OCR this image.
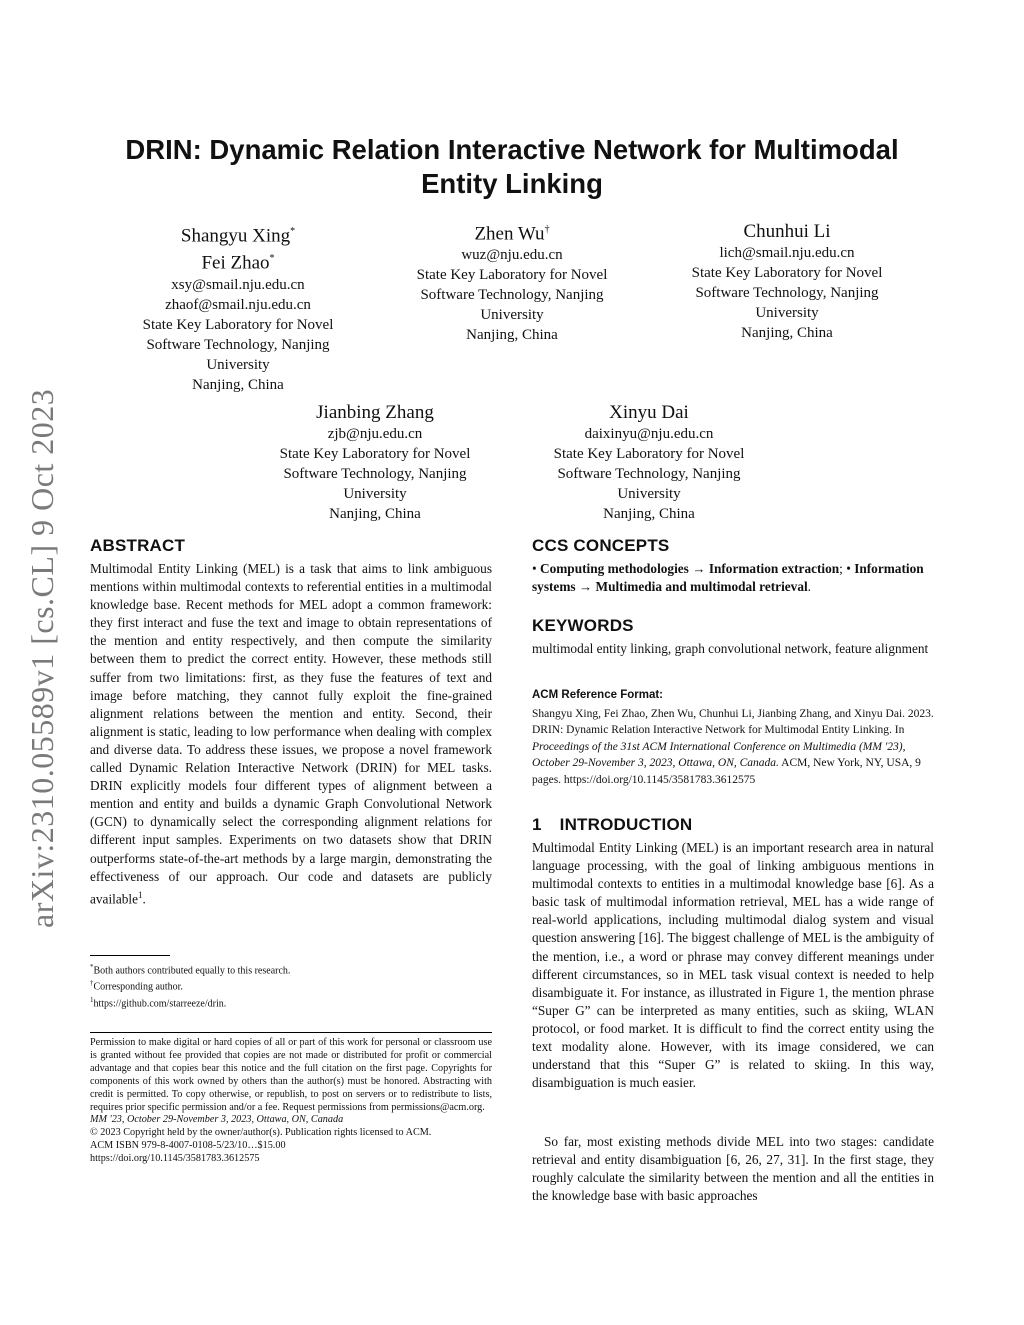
arXiv:2310.05589v1 [cs.CL] 9 Oct 2023
DRIN: Dynamic Relation Interactive Network for Multimodal
Entity Linking
Shangyu Xing*
Fei Zhao*
xsy@smail.nju.edu.cn
zhaof@smail.nju.edu.cn
State Key Laboratory for Novel
Software Technology, Nanjing
University
Nanjing, China
Zhen Wu†
wuz@nju.edu.cn
State Key Laboratory for Novel
Software Technology, Nanjing
University
Nanjing, China
Chunhui Li
lich@smail.nju.edu.cn
State Key Laboratory for Novel
Software Technology, Nanjing
University
Nanjing, China
Jianbing Zhang
zjb@nju.edu.cn
State Key Laboratory for Novel
Software Technology, Nanjing
University
Nanjing, China
Xinyu Dai
daixinyu@nju.edu.cn
State Key Laboratory for Novel
Software Technology, Nanjing
University
Nanjing, China
ABSTRACT

Multimodal Entity Linking (MEL) is a task that aims to link ambiguous mentions within multimodal contexts to referential entities in a multimodal knowledge base. Recent methods for MEL adopt a common framework: they first interact and fuse the text and image to obtain representations of the mention and entity respectively, and then compute the similarity between them to predict the correct entity. However, these methods still suffer from two limitations: first, as they fuse the features of text and image before matching, they cannot fully exploit the fine-grained alignment relations between the mention and entity. Second, their alignment is static, leading to low performance when dealing with complex and diverse data. To address these issues, we propose a novel framework called Dynamic Relation Interactive Network (DRIN) for MEL tasks. DRIN explicitly models four different types of alignment between a mention and entity and builds a dynamic Graph Convolutional Network (GCN) to dynamically select the corresponding alignment relations for different input samples. Experiments on two datasets show that DRIN outperforms state-of-the-art methods by a large margin, demonstrating the effectiveness of our approach. Our code and datasets are publicly available$^1$.

*Both authors contributed equally to this research.
†Corresponding author.
$^1$https://github.com/starreeze/drin.

Permission to make digital or hard copies of all or part of this work for personal or classroom use is granted without fee provided that copies are not made or distributed for profit or commercial advantage and that copies bear this notice and the full citation on the first page. Copyrights for components of this work owned by others than the author(s) must be honored. Abstracting with credit is permitted. To copy otherwise, or republish, to post on servers or to redistribute to lists, requires prior specific permission and/or a fee. Request permissions from permissions@acm.org.

MM '23, October 29-November 3, 2023, Ottawa, ON, Canada
© 2023 Copyright held by the owner/author(s). Publication rights licensed to ACM.
ACM ISBN 979-8-4007-0108-5/23/10…$15.00
https://doi.org/10.1145/3581783.3612575
CCS CONCEPTS

• Computing methodologies → Information extraction; • Information systems → Multimedia and multimodal retrieval.

KEYWORDS

multimodal entity linking, graph convolutional network, feature alignment

ACM Reference Format:

Shangyu Xing, Fei Zhao, Zhen Wu, Chunhui Li, Jianbing Zhang, and Xinyu Dai. 2023. DRIN: Dynamic Relation Interactive Network for Multimodal Entity Linking. In Proceedings of the 31st ACM International Conference on Multimedia (MM '23), October 29-November 3, 2023, Ottawa, ON, Canada. ACM, New York, NY, USA, 9 pages. https://doi.org/10.1145/3581783.3612575

1 INTRODUCTION

Multimodal Entity Linking (MEL) is an important research area in natural language processing, with the goal of linking ambiguous mentions in multimodal contexts to entities in a multimodal knowledge base [6]. As a basic task of multimodal information retrieval, MEL has a wide range of real-world applications, including multimodal dialog system and visual question answering [16]. The biggest challenge of MEL is the ambiguity of the mention, i.e., a word or phrase may convey different meanings under different circumstances, so in MEL task visual context is needed to help disambiguate it. For instance, as illustrated in Figure 1, the mention phrase “Super G” can be interpreted as many entities, such as skiing, WLAN protocol, or food market. It is difficult to find the correct entity using the text modality alone. However, with its image considered, we can understand that this “Super G” is related to skiing. In this way, disambiguation is much easier.

So far, most existing methods divide MEL into two stages: candidate retrieval and entity disambiguation [6, 26, 27, 31]. In the first stage, they roughly calculate the similarity between the mention and all the entities in the knowledge base with basic approaches
